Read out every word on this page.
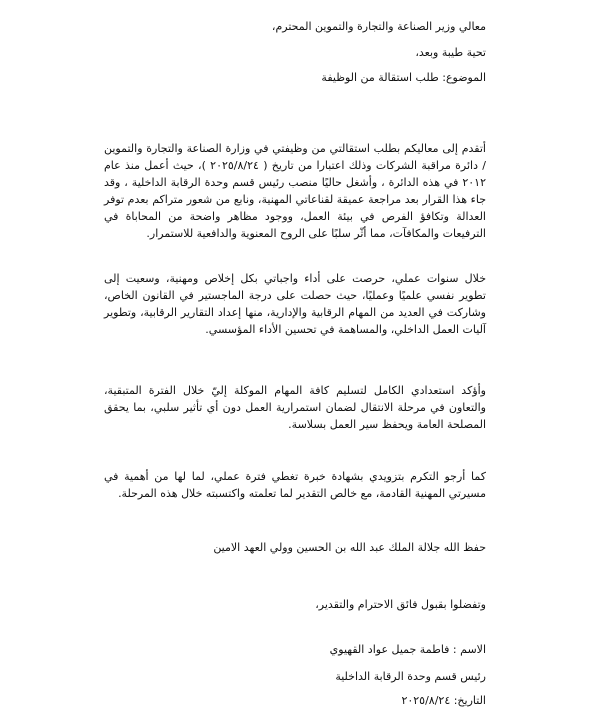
معالي وزير الصناعة والتجارة والتموين المحترم،
تحية طيبة وبعد،
الموضوع: طلب استقالة من الوظيفة
أتقدم إلى معاليكم بطلب استقالتي من وظيفتي في وزارة الصناعة والتجارة والتموين / دائرة مراقبة الشركات وذلك اعتبارا من تاريخ ( ٢٠٢٥/٨/٢٤ )، حيث أعمل منذ عام ٢٠١٢ في هذه الدائرة ، وأشغل حاليًا منصب رئيس قسم وحدة الرقابة الداخلية ، وقد جاء هذا القرار بعد مراجعة عميقة لقناعاتي المهنية، ونابع من شعور متراكم بعدم توفر العدالة وتكافؤ الفرص في بيئة العمل، ووجود مظاهر واضحة من المحاباة في الترفيعات والمكافآت، مما أثّر سلبًا على الروح المعنوية والدافعية للاستمرار.
خلال سنوات عملي، حرصت على أداء واجباتي بكل إخلاص ومهنية، وسعيت إلى تطوير نفسي علميًا وعمليًا، حيث حصلت على درجة الماجستير في القانون الخاص، وشاركت في العديد من المهام الرقابية والإدارية، منها إعداد التقارير الرقابية، وتطوير آليات العمل الداخلي، والمساهمة في تحسين الأداء المؤسسي.
وأؤكد استعدادي الكامل لتسليم كافة المهام الموكلة إليّ خلال الفترة المتبقية، والتعاون في مرحلة الانتقال لضمان استمرارية العمل دون أي تأثير سلبي، بما يحقق المصلحة العامة ويحفظ سير العمل بسلاسة.
كما أرجو التكرم بتزويدي بشهادة خبرة تغطي فترة عملي، لما لها من أهمية في مسيرتي المهنية القادمة، مع خالص التقدير لما تعلمته واكتسبته خلال هذه المرحلة.
حفظ الله جلالة الملك عبد الله بن الحسين وولي العهد الامين
وتفضلوا بقبول فائق الاحترام والتقدير،
الاسم : فاطمة جميل عواد القهيوي
رئيس قسم وحدة الرقابة الداخلية
التاريخ: ٢٠٢٥/٨/٢٤
